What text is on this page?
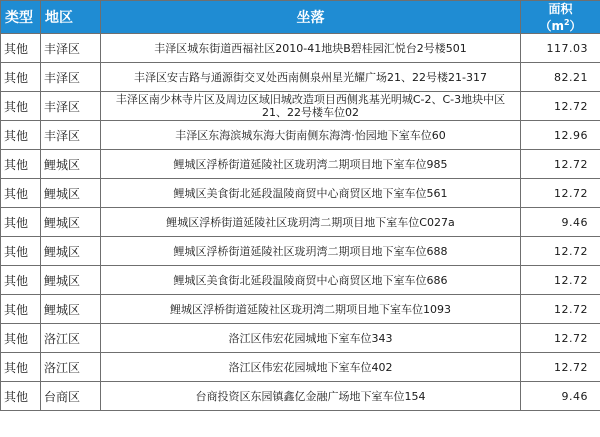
类型	地区	坐落	面积
$(m^2)$
其他	丰泽区	丰泽区城东街道西福社区2010-41地块B碧桂园汇悦台2号楼501	117.03
其他	丰泽区	丰泽区安吉路与通源街交叉处西南侧泉州星光耀广场21、22号楼21-317	82.21
其他	丰泽区	丰泽区南少林寺片区及周边区域旧城改造项目西侧兆基光明城C-2、C-3地块中区21、22号楼车位02	12.72
其他	丰泽区	丰泽区东海滨城东海大街南侧东海湾·怡园地下室车位60	12.96
其他	鲤城区	鲤城区浮桥街道延陵社区珑玥湾二期项目地下室车位985	12.72
其他	鲤城区	鲤城区美食街北延段温陵商贸中心商贸区地下室车位561	12.72
其他	鲤城区	鲤城区浮桥街道延陵社区珑玥湾二期项目地下室车位C027a	9.46
其他	鲤城区	鲤城区浮桥街道延陵社区珑玥湾二期项目地下室车位688	12.72
其他	鲤城区	鲤城区美食街北延段温陵商贸中心商贸区地下室车位686	12.72
其他	鲤城区	鲤城区浮桥街道延陵社区珑玥湾二期项目地下室车位1093	12.72
其他	洛江区	洛江区伟宏花园城地下室车位343	12.72
其他	洛江区	洛江区伟宏花园城地下室车位402	12.72
其他	台商区	台商投资区东园镇鑫亿金融广场地下室车位154	9.46
